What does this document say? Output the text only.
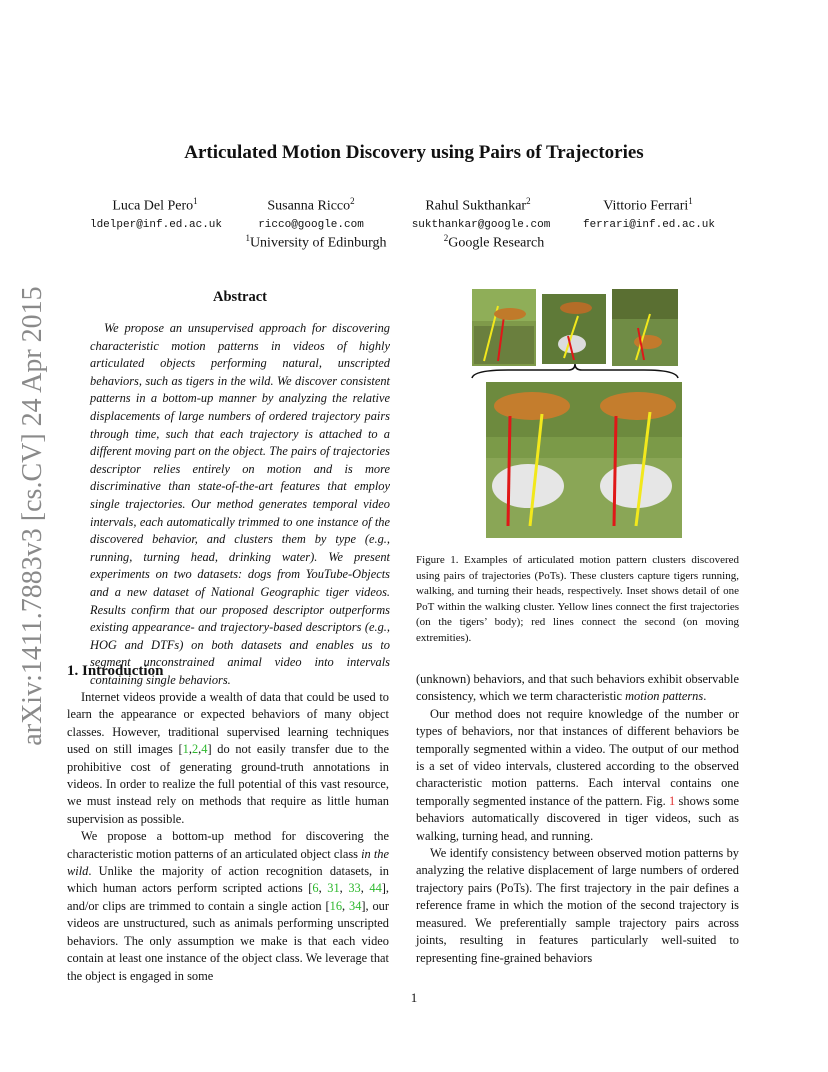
arXiv:1411.7883v3 [cs.CV] 24 Apr 2015
Articulated Motion Discovery using Pairs of Trajectories
Luca Del Pero$^1$	Susanna Ricco$^2$	Rahul Sukthankar$^2$	Vittorio Ferrari$^1$
ldelper@inf.ed.ac.uk	ricco@google.com	sukthankar@google.com	ferrari@inf.ed.ac.uk
$^1$University of Edinburgh	$^2$Google Research
Abstract
We propose an unsupervised approach for discovering characteristic motion patterns in videos of highly articulated objects performing natural, unscripted behaviors, such as tigers in the wild. We discover consistent patterns in a bottom-up manner by analyzing the relative displacements of large numbers of ordered trajectory pairs through time, such that each trajectory is attached to a different moving part on the object. The pairs of trajectories descriptor relies entirely on motion and is more discriminative than state-of-the-art features that employ single trajectories. Our method generates temporal video intervals, each automatically trimmed to one instance of the discovered behavior, and clusters them by type (e.g., running, turning head, drinking water). We present experiments on two datasets: dogs from YouTube-Objects and a new dataset of National Geographic tiger videos. Results confirm that our proposed descriptor outperforms existing appearance- and trajectory-based descriptors (e.g., HOG and DTFs) on both datasets and enables us to segment unconstrained animal video into intervals containing single behaviors.
Figure 1. Examples of articulated motion pattern clusters discovered using pairs of trajectories (PoTs). These clusters capture tigers running, walking, and turning their heads, respectively. Inset shows detail of one PoT within the walking cluster. Yellow lines connect the first trajectories (on the tigers’ body); red lines connect the second (on moving extremities).
1. Introduction

Internet videos provide a wealth of data that could be used to learn the appearance or expected behaviors of many object classes. However, traditional supervised learning techniques used on still images [1,2,4] do not easily transfer due to the prohibitive cost of generating ground-truth annotations in videos. In order to realize the full potential of this vast resource, we must instead rely on methods that require as little human supervision as possible.

We propose a bottom-up method for discovering the characteristic motion patterns of an articulated object class in the wild. Unlike the majority of action recognition datasets, in which human actors perform scripted actions [6, 31, 33, 44], and/or clips are trimmed to contain a single action [16, 34], our videos are unstructured, such as animals performing unscripted behaviors. The only assumption we make is that each video contain at least one instance of the object class. We leverage that the object is engaged in some

(unknown) behaviors, and that such behaviors exhibit observable consistency, which we term characteristic motion patterns.

Our method does not require knowledge of the number or types of behaviors, nor that instances of different behaviors be temporally segmented within a video. The output of our method is a set of video intervals, clustered according to the observed characteristic motion patterns. Each interval contains one temporally segmented instance of the pattern. Fig. 1 shows some behaviors automatically discovered in tiger videos, such as walking, turning head, and running.

We identify consistency between observed motion patterns by analyzing the relative displacement of large numbers of ordered trajectory pairs (PoTs). The first trajectory in the pair defines a reference frame in which the motion of the second trajectory is measured. We preferentially sample trajectory pairs across joints, resulting in features particularly well-suited to representing fine-grained behaviors

1
